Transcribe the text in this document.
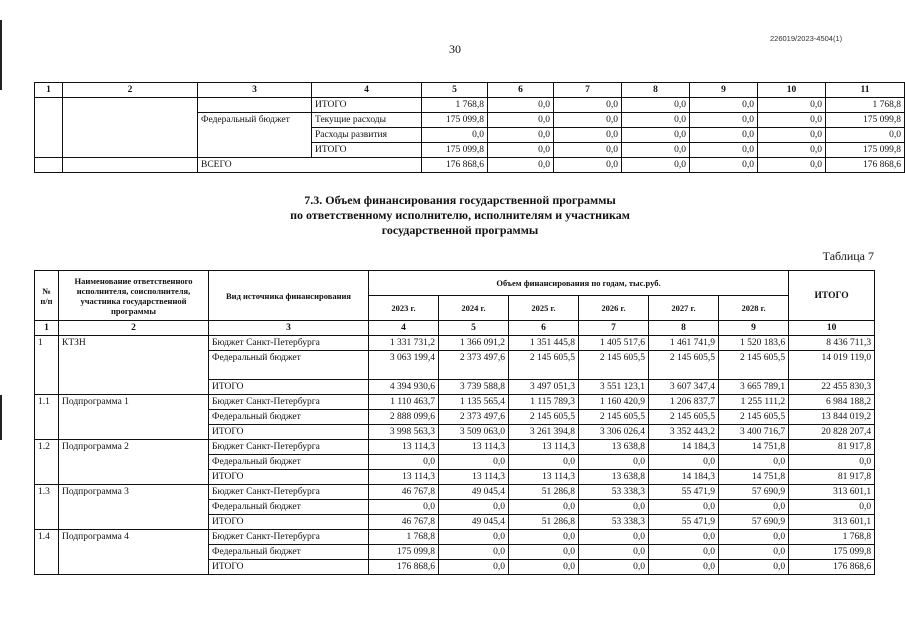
226019/2023-4504(1)
30
1	2	3	4	5	6	7	8	9	10	11
			ИТОГО	1 768,8	0,0	0,0	0,0	0,0	0,0	1 768,8
		Федеральный бюджет	Текущие расходы	175 099,8	0,0	0,0	0,0	0,0	0,0	175 099,8
			Расходы развития	0,0	0,0	0,0	0,0	0,0	0,0	0,0
			ИТОГО	175 099,8	0,0	0,0	0,0	0,0	0,0	175 099,8
		ВСЕГО		176 868,6	0,0	0,0	0,0	0,0	0,0	176 868,6
7.3. Объем финансирования государственной программы
по ответственному исполнителю, исполнителям и участникам
государственной программы
Таблица 7
№ п/п	Наименование ответственного исполнителя, соисполнителя, участника государственной программы	Вид источника финансирования	Объем финансирования по годам, тыс.руб.						ИТОГО
			2023 г.	2024 г.	2025 г.	2026 г.	2027 г.	2028 г.	
1	2	3	4	5	6	7	8	9	10
1	КТЗН	Бюджет Санкт-Петербурга	1 331 731,2	1 366 091,2	1 351 445,8	1 405 517,6	1 461 741,9	1 520 183,6	8 436 711,3
		Федеральный бюджет	3 063 199,4	2 373 497,6	2 145 605,5	2 145 605,5	2 145 605,5	2 145 605,5	14 019 119,0
		ИТОГО	4 394 930,6	3 739 588,8	3 497 051,3	3 551 123,1	3 607 347,4	3 665 789,1	22 455 830,3
1.1	Подпрограмма 1	Бюджет Санкт-Петербурга	1 110 463,7	1 135 565,4	1 115 789,3	1 160 420,9	1 206 837,7	1 255 111,2	6 984 188,2
		Федеральный бюджет	2 888 099,6	2 373 497,6	2 145 605,5	2 145 605,5	2 145 605,5	2 145 605,5	13 844 019,2
		ИТОГО	3 998 563,3	3 509 063,0	3 261 394,8	3 306 026,4	3 352 443,2	3 400 716,7	20 828 207,4
1.2	Подпрограмма 2	Бюджет Санкт-Петербурга	13 114,3	13 114,3	13 114,3	13 638,8	14 184,3	14 751,8	81 917,8
		Федеральный бюджет	0,0	0,0	0,0	0,0	0,0	0,0	0,0
		ИТОГО	13 114,3	13 114,3	13 114,3	13 638,8	14 184,3	14 751,8	81 917,8
1.3	Подпрограмма 3	Бюджет Санкт-Петербурга	46 767,8	49 045,4	51 286,8	53 338,3	55 471,9	57 690,9	313 601,1
		Федеральный бюджет	0,0	0,0	0,0	0,0	0,0	0,0	0,0
		ИТОГО	46 767,8	49 045,4	51 286,8	53 338,3	55 471,9	57 690,9	313 601,1
1.4	Подпрограмма 4	Бюджет Санкт-Петербурга	1 768,8	0,0	0,0	0,0	0,0	0,0	1 768,8
		Федеральный бюджет	175 099,8	0,0	0,0	0,0	0,0	0,0	175 099,8
		ИТОГО	176 868,6	0,0	0,0	0,0	0,0	0,0	176 868,6
